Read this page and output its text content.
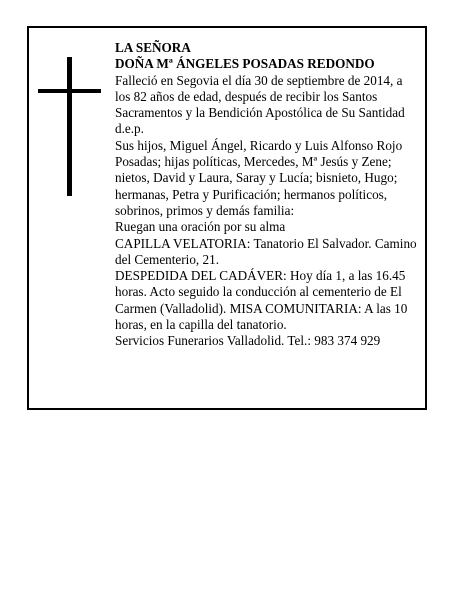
LA SEÑORA

DOÑA Mª ÁNGELES POSADAS REDONDO

Falleció en Segovia el día 30 de septiembre de 2014, a los 82 años de edad, después de recibir los Santos Sacramentos y la Bendición Apostólica de Su Santidad

d.e.p.

Sus hijos, Miguel Ángel, Ricardo y Luis Alfonso Rojo Posadas; hijas políticas, Mercedes, Mª Jesús y Zene; nietos, David y Laura, Saray y Lucía; bisnieto, Hugo; hermanas, Petra y Purificación; hermanos políticos, sobrinos, primos y demás familia:

Ruegan una oración por su alma

CAPILLA VELATORIA: Tanatorio El Salvador. Camino del Cementerio, 21.

DESPEDIDA DEL CADÁVER: Hoy día 1, a las 16.45 horas. Acto seguido la conducción al cementerio de El Carmen (Valladolid). MISA COMUNITARIA: A las 10 horas, en la capilla del tanatorio.

Servicios Funerarios Valladolid. Tel.: 983 374 929
